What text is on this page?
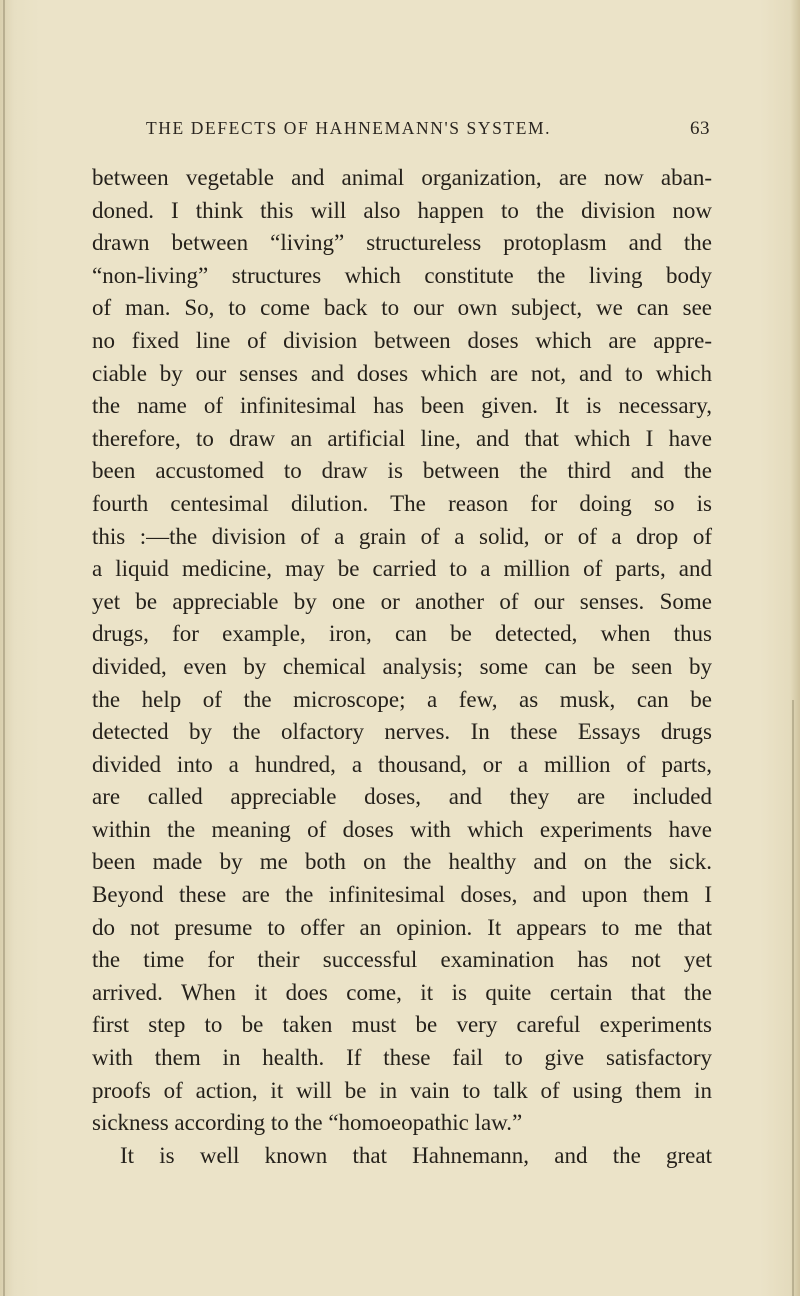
THE DEFECTS OF HAHNEMANN'S SYSTEM.	63
between vegetable and animal organization, are now aban-
doned. I think this will also happen to the division now
drawn between “living” structureless protoplasm and the
“non-living” structures which constitute the living body
of man. So, to come back to our own subject, we can see
no fixed line of division between doses which are appre-
ciable by our senses and doses which are not, and to which
the name of infinitesimal has been given. It is necessary,
therefore, to draw an artificial line, and that which I have
been accustomed to draw is between the third and the
fourth centesimal dilution. The reason for doing so is
this :—the division of a grain of a solid, or of a drop of
a liquid medicine, may be carried to a million of parts, and
yet be appreciable by one or another of our senses. Some
drugs, for example, iron, can be detected, when thus
divided, even by chemical analysis; some can be seen by
the help of the microscope; a few, as musk, can be
detected by the olfactory nerves. In these Essays drugs
divided into a hundred, a thousand, or a million of parts,
are called appreciable doses, and they are included
within the meaning of doses with which experiments have
been made by me both on the healthy and on the sick.
Beyond these are the infinitesimal doses, and upon them I
do not presume to offer an opinion. It appears to me that
the time for their successful examination has not yet
arrived. When it does come, it is quite certain that the
first step to be taken must be very careful experiments
with them in health. If these fail to give satisfactory
proofs of action, it will be in vain to talk of using them in
sickness according to the “homoeopathic law.”
It is well known that Hahnemann, and the great
